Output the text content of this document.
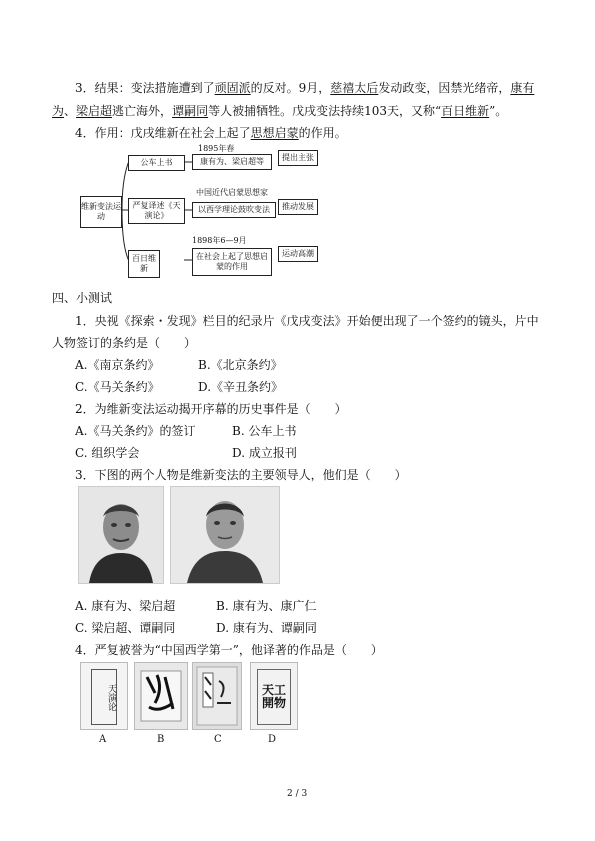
3．结果：变法措施遭到了顽固派的反对。9月，慈禧太后发动政变，因禁光绪帝，康有
为、梁启超逃亡海外，谭嗣同等人被捕牺牲。戊戌变法持续103天，又称“百日维新”。
4．作用：戊戌维新在社会上起了思想启蒙的作用。
维新变法运动
公车上书
1895年春
康有为、梁启超等	提出主张
严复译述《天演论》
中国近代启蒙思想家
以西学理论鼓吹变法	推动发展
百日维新
1898年6—9月
在社会上起了思想启蒙的作用
运动高潮
四、小测试
1．央视《探索・发现》栏目的纪录片《戊戌变法》开始便出现了一个签约的镜头，片中
人物签订的条约是（　　）
A.《南京条约》	B.《北京条约》
C.《马关条约》	D.《辛丑条约》
2．为维新变法运动揭开序幕的历史事件是（　　）
A.《马关条约》的签订	B. 公车上书
C. 组织学会	D. 成立报刊
3．下图的两个人物是维新变法的主要领导人，他们是（　　）
A. 康有为、梁启超	B. 康有为、康广仁
C. 梁启超、谭嗣同	D. 康有为、谭嗣同
4．严复被誉为“中国西学第一”，他译著的作品是（　　）
天演论	天工開物
A	B	C	D
2 / 3
